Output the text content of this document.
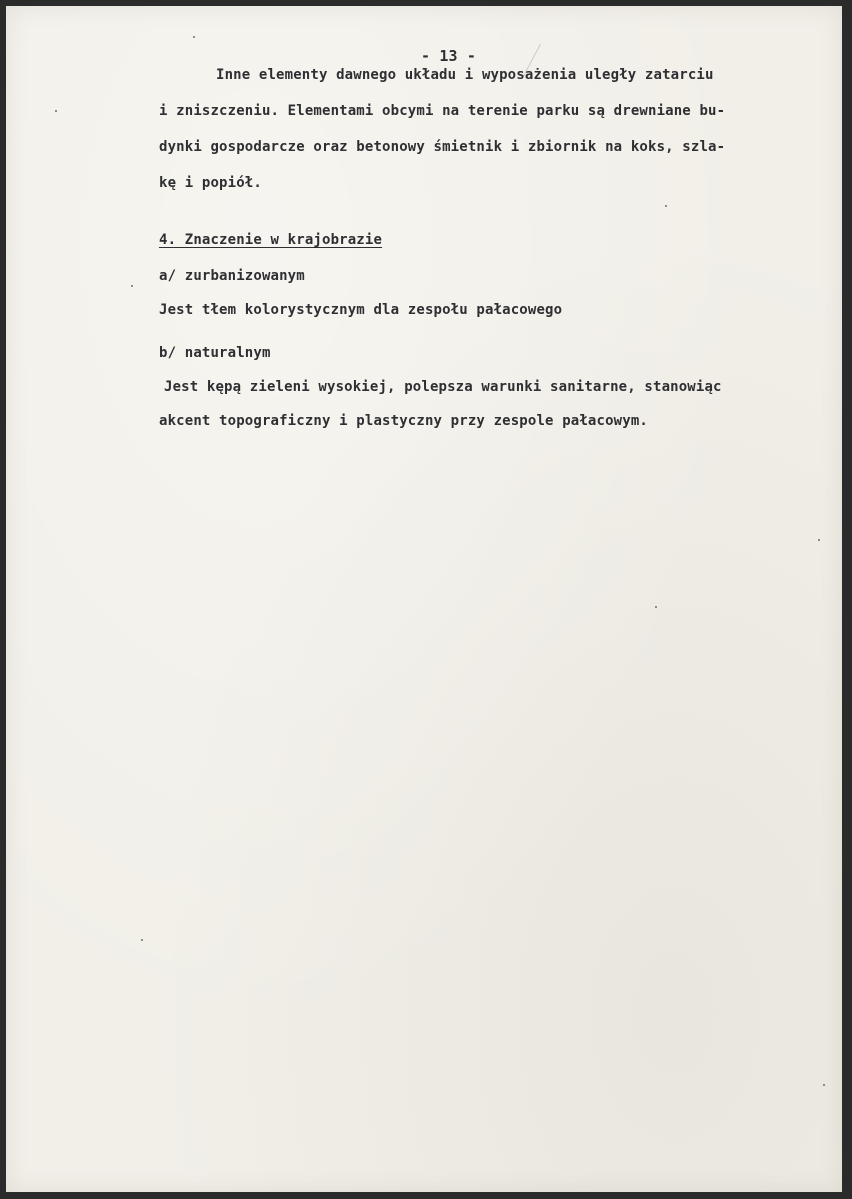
- 13 -

Inne elementy dawnego układu i wyposażenia uległy zatarciu

i zniszczeniu. Elementami obcymi na terenie parku są drewniane bu-

dynki gospodarcze oraz betonowy śmietnik i zbiornik na koks, szla-

kę i popiół.

4. Znaczenie w krajobrazie

a/ zurbanizowanym

Jest tłem kolorystycznym dla zespołu pałacowego

b/ naturalnym

Jest kępą zieleni wysokiej, polepsza warunki sanitarne, stanowiąc

akcent topograficzny i plastyczny przy zespole pałacowym.
